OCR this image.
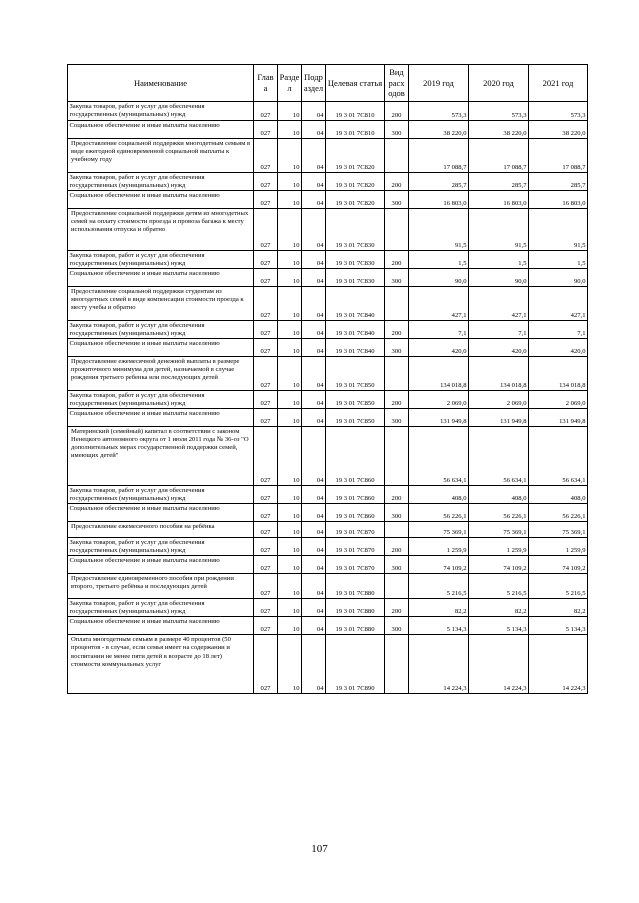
Наименование	Глав а	Разде л	Подр аздел	Целевая статья	Вид расх одов	2019 год	2020 год	2021 год
Закупка товаров, работ и услуг для обеспечения государственных (муниципальных) нужд	027	10	04	19 3 01 7С810	200	573,3	573,3	573,3
Социальное обеспечение и иные выплаты населению	027	10	04	19 3 01 7С810	300	38 220,0	38 220,0	38 220,0
Предоставление социальной поддержки многодетным семьям в виде ежегодной единовременной социальной выплаты к учебному году	027	10	04	19 3 01 7С820		17 088,7	17 088,7	17 088,7
Закупка товаров, работ и услуг для обеспечения государственных (муниципальных) нужд	027	10	04	19 3 01 7С820	200	285,7	285,7	285,7
Социальное обеспечение и иные выплаты населению	027	10	04	19 3 01 7С820	300	16 803,0	16 803,0	16 803,0
Предоставление социальной поддержки детям из многодетных семей на оплату стоимости проезда и провоза багажа к месту использования отпуска и обратно	027	10	04	19 3 01 7С830		91,5	91,5	91,5
Закупка товаров, работ и услуг для обеспечения государственных (муниципальных) нужд	027	10	04	19 3 01 7С830	200	1,5	1,5	1,5
Социальное обеспечение и иные выплаты населению	027	10	04	19 3 01 7С830	300	90,0	90,0	90,0
Предоставление социальной поддержки студентам из многодетных семей в виде компенсации стоимости проезда к месту учебы и обратно	027	10	04	19 3 01 7С840		427,1	427,1	427,1
Закупка товаров, работ и услуг для обеспечения государственных (муниципальных) нужд	027	10	04	19 3 01 7С840	200	7,1	7,1	7,1
Социальное обеспечение и иные выплаты населению	027	10	04	19 3 01 7С840	300	420,0	420,0	420,0
Предоставление ежемесячной денежной выплаты в размере прожиточного минимума для детей, назначаемой в случае рождения третьего ребенка или последующих детей	027	10	04	19 3 01 7С850		134 018,8	134 018,8	134 018,8
Закупка товаров, работ и услуг для обеспечения государственных (муниципальных) нужд	027	10	04	19 3 01 7С850	200	2 069,0	2 069,0	2 069,0
Социальное обеспечение и иные выплаты населению	027	10	04	19 3 01 7С850	300	131 949,8	131 949,8	131 949,8
Материнский (семейный) капитал в соответствии с законом Ненецкого автономного округа от 1 июля 2011 года № 36-оз "О дополнительных мерах государственной поддержки семей, имеющих детей"	027	10	04	19 3 01 7С860		56 634,1	56 634,1	56 634,1
Закупка товаров, работ и услуг для обеспечения государственных (муниципальных) нужд	027	10	04	19 3 01 7С860	200	408,0	408,0	408,0
Социальное обеспечение и иные выплаты населению	027	10	04	19 3 01 7С860	300	56 226,1	56 226,1	56 226,1
Предоставление ежемесячного пособия на ребёнка	027	10	04	19 3 01 7С870		75 369,1	75 369,1	75 369,1
Закупка товаров, работ и услуг для обеспечения государственных (муниципальных) нужд	027	10	04	19 3 01 7С870	200	1 259,9	1 259,9	1 259,9
Социальное обеспечение и иные выплаты населению	027	10	04	19 3 01 7С870	300	74 109,2	74 109,2	74 109,2
Предоставление единовременного пособия при рождении второго, третьего ребёнка и последующих детей	027	10	04	19 3 01 7С880		5 216,5	5 216,5	5 216,5
Закупка товаров, работ и услуг для обеспечения государственных (муниципальных) нужд	027	10	04	19 3 01 7С880	200	82,2	82,2	82,2
Социальное обеспечение и иные выплаты населению	027	10	04	19 3 01 7С880	300	5 134,3	5 134,3	5 134,3
Оплата многодетным семьям в размере 40 процентов (50 процентов - в случае, если семья имеет на содержании и воспитании не менее пяти детей в возрасте до 18 лет) стоимости коммунальных услуг	027	10	04	19 3 01 7С890		14 224,3	14 224,3	14 224,3
107
